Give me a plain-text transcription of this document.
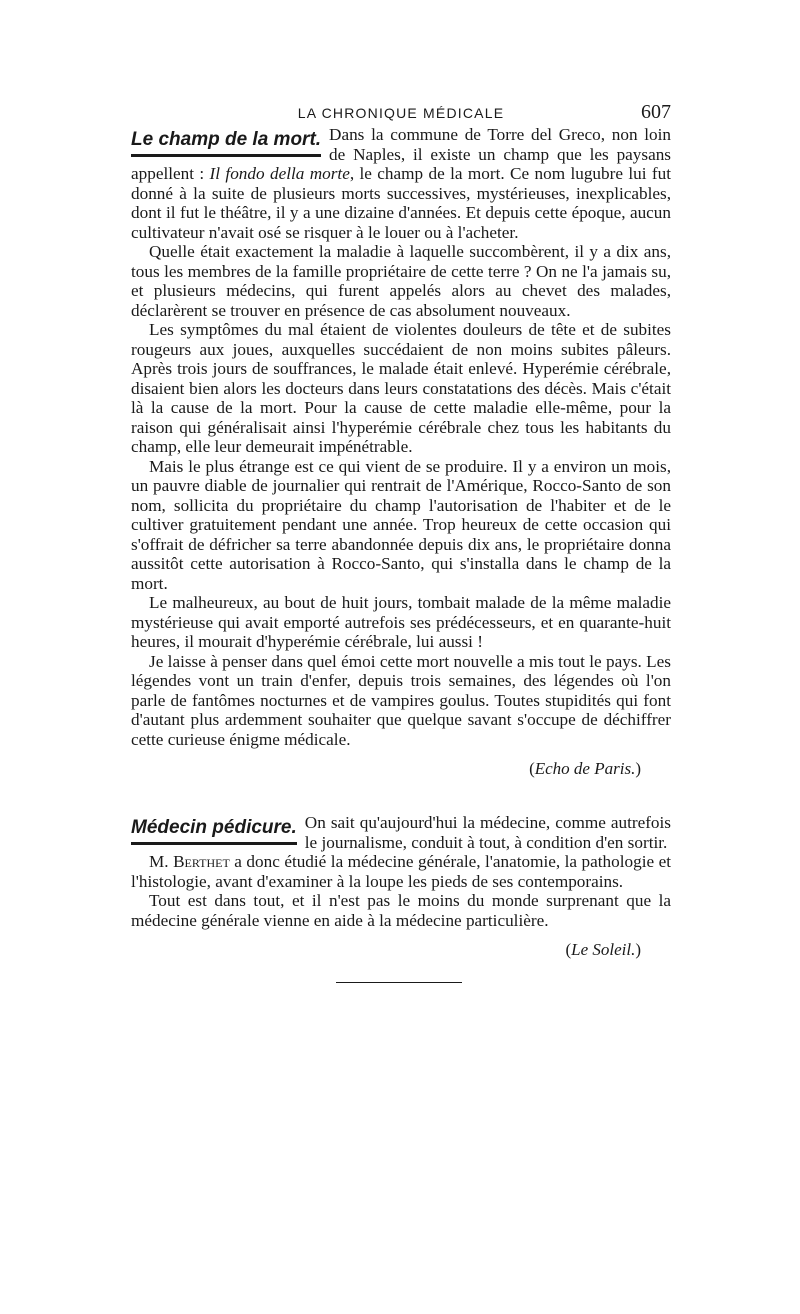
LA CHRONIQUE MÉDICALE	607

Le champ de la mort. Dans la commune de Torre del Greco, non loin de Naples, il existe un champ que les paysans appellent : Il fondo della morte, le champ de la mort. Ce nom lugubre lui fut donné à la suite de plusieurs morts successives, mystérieuses, inexplicables, dont il fut le théâtre, il y a une dizaine d'années. Et depuis cette époque, aucun cultivateur n'avait osé se risquer à le louer ou à l'acheter.

Quelle était exactement la maladie à laquelle succombèrent, il y a dix ans, tous les membres de la famille propriétaire de cette terre ? On ne l'a jamais su, et plusieurs médecins, qui furent appelés alors au chevet des malades, déclarèrent se trouver en présence de cas absolument nouveaux.

Les symptômes du mal étaient de violentes douleurs de tête et de subites rougeurs aux joues, auxquelles succédaient de non moins subites pâleurs. Après trois jours de souffrances, le malade était enlevé. Hyperémie cérébrale, disaient bien alors les docteurs dans leurs constatations des décès. Mais c'était là la cause de la mort. Pour la cause de cette maladie elle-même, pour la raison qui généralisait ainsi l'hyperémie cérébrale chez tous les habitants du champ, elle leur demeurait impénétrable.

Mais le plus étrange est ce qui vient de se produire. Il y a environ un mois, un pauvre diable de journalier qui rentrait de l'Amérique, Rocco-Santo de son nom, sollicita du propriétaire du champ l'autorisation de l'habiter et de le cultiver gratuitement pendant une année. Trop heureux de cette occasion qui s'offrait de défricher sa terre abandonnée depuis dix ans, le propriétaire donna aussitôt cette autorisation à Rocco-Santo, qui s'installa dans le champ de la mort.

Le malheureux, au bout de huit jours, tombait malade de la même maladie mystérieuse qui avait emporté autrefois ses prédécesseurs, et en quarante-huit heures, il mourait d'hyperémie cérébrale, lui aussi !

Je laisse à penser dans quel émoi cette mort nouvelle a mis tout le pays. Les légendes vont un train d'enfer, depuis trois semaines, des légendes où l'on parle de fantômes nocturnes et de vampires goulus. Toutes stupidités qui font d'autant plus ardemment souhaiter que quelque savant s'occupe de déchiffrer cette curieuse énigme médicale.

(Echo de Paris.)

Médecin pédicure. On sait qu'aujourd'hui la médecine, comme autrefois le journalisme, conduit à tout, à condition d'en sortir.

M. Berthet a donc étudié la médecine générale, l'anatomie, la pathologie et l'histologie, avant d'examiner à la loupe les pieds de ses contemporains.

Tout est dans tout, et il n'est pas le moins du monde surprenant que la médecine générale vienne en aide à la médecine particulière.

(Le Soleil.)
